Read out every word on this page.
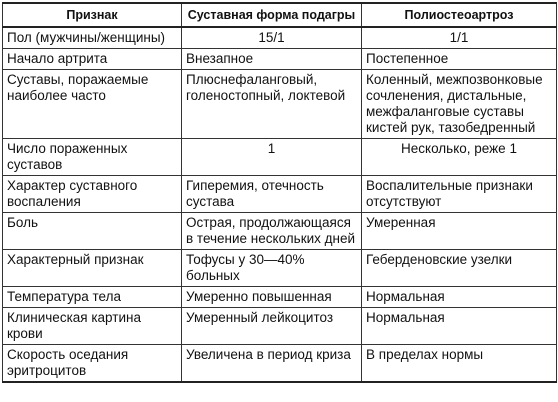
Признак	Суставная форма подагры	Полиостеоартроз
Пол (мужчины/женщины)	15/1	1/1
Начало артрита	Внезапное	Постепенное
Суставы, поражаемые наиболее часто	Плюснефаланговый, голеностопный, локтевой	Коленный, межпозвонковые сочленения, дистальные, межфаланговые суставы кистей рук, тазобедренный
Число пораженных суставов	1	Несколько, реже 1
Характер суставного воспаления	Гиперемия, отечность сустава	Воспалительные признаки отсутствуют
Боль	Острая, продолжающаяся в течение нескольких дней	Умеренная
Характерный признак	Тофусы у 30—40% больных	Геберденовские узелки
Температура тела	Умеренно повышенная	Нормальная
Клиническая картина крови	Умеренный лейкоцитоз	Нормальная
Скорость оседания эритроцитов	Увеличена в период криза	В пределах нормы
